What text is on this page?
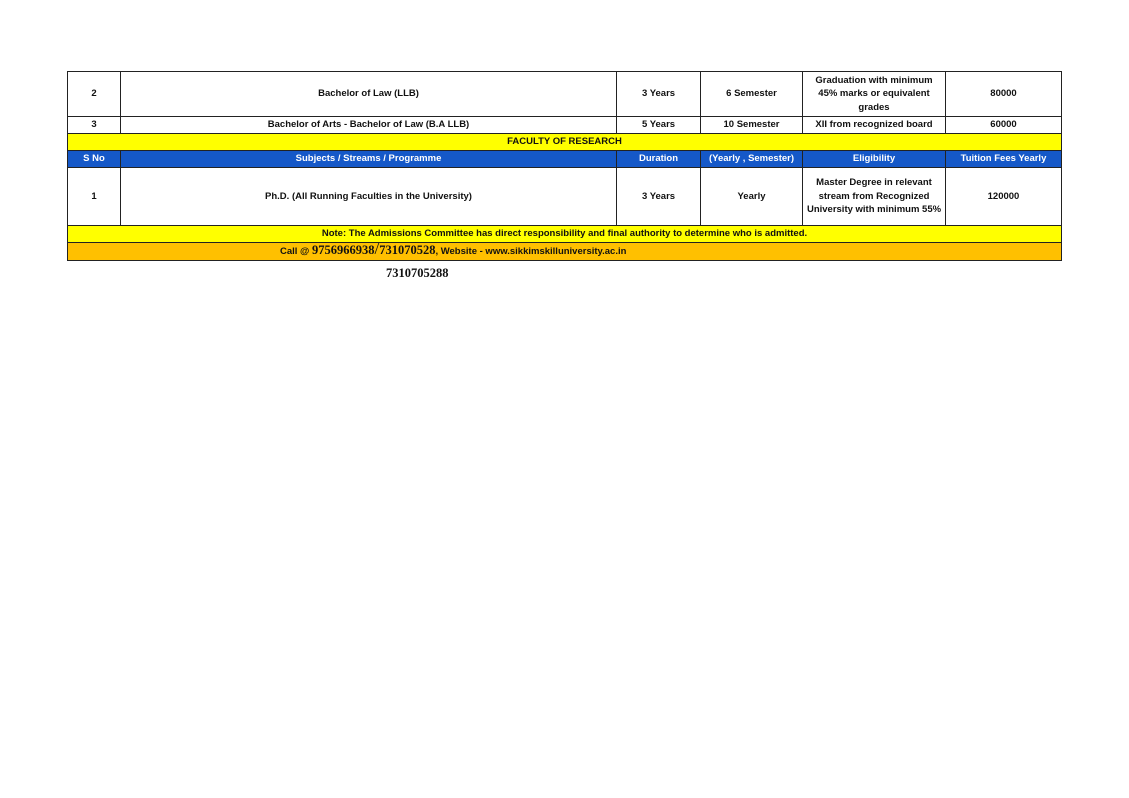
2	Bachelor of Law (LLB)	3 Years	6 Semester	Graduation with minimum 45% marks or equivalent grades	80000
3	Bachelor of Arts - Bachelor of Law (B.A LLB)	5 Years	10 Semester	XII from recognized board	60000
FACULTY OF RESEARCH					
S No	Subjects / Streams / Programme	Duration	(Yearly , Semester)	Eligibility	Tuition Fees Yearly
1	Ph.D. (All Running Faculties in the University)	3 Years	Yearly	Master Degree in relevant stream from Recognized University with minimum 55%	120000
Note: The Admissions Committee has direct responsibility and final authority to determine who is admitted.					
Call @ 9756966938/731070528, Website - www.sikkimskilluniversity.ac.in					
7310705288
